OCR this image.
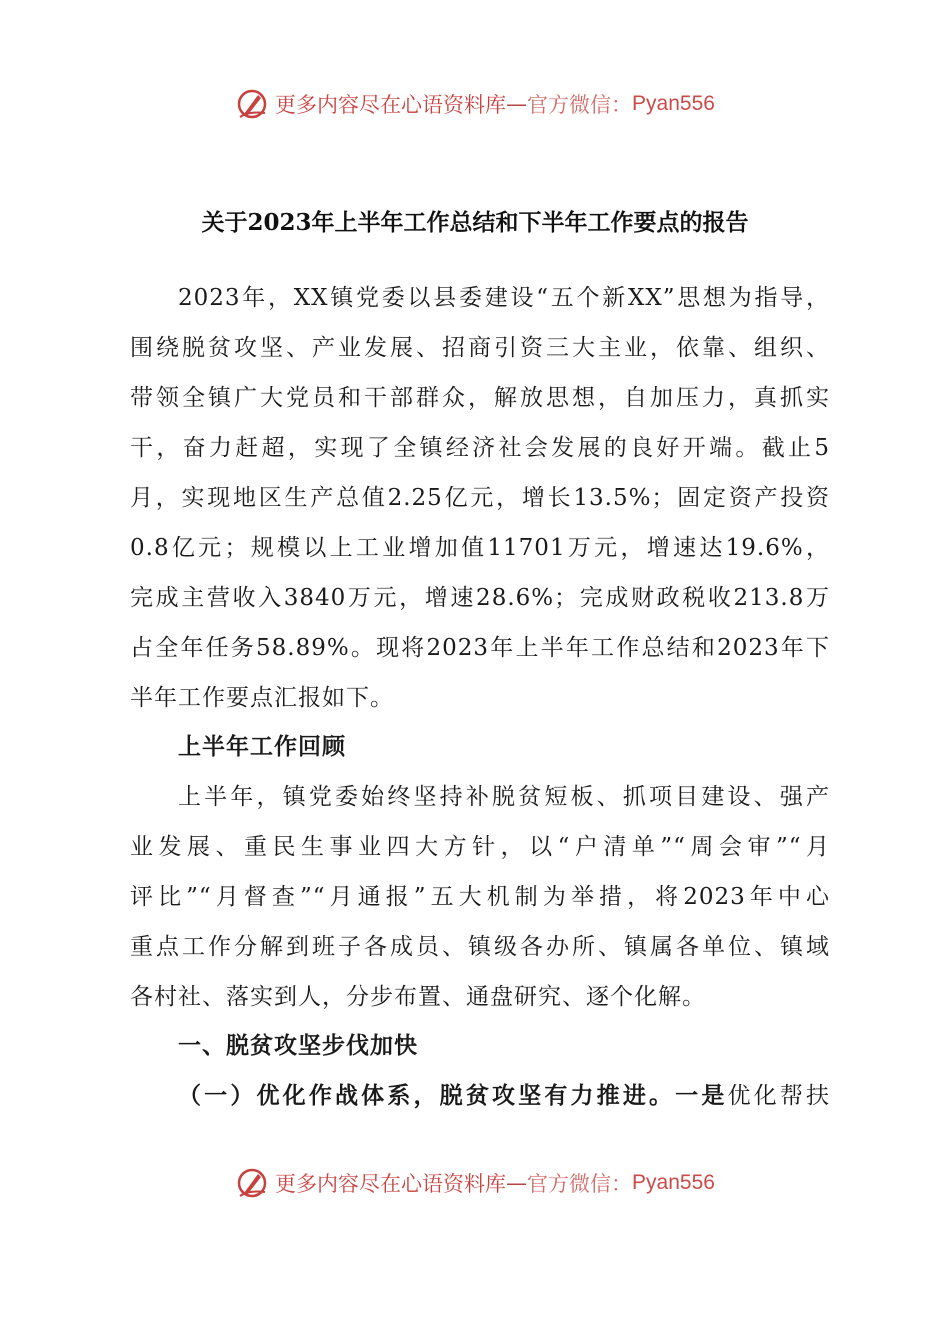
更多内容尽在心语资料库 — 官方微信： Pyan556
关于2023年上半年工作总结和下半年工作要点的报告
2023年，XX镇党委以县委建设“五个新XX”思想为指导，
围绕脱贫攻坚、产业发展、招商引资三大主业，依靠、组织、
带领全镇广大党员和干部群众，解放思想，自加压力，真抓实
干，奋力赶超，实现了全镇经济社会发展的良好开端。截止5
月，实现地区生产总值2.25亿元，增长13.5%；固定资产投资
0.8亿元；规模以上工业增加值11701万元，增速达19.6%，
完成主营收入3840万元，增速28.6%；完成财政税收213.8万
占全年任务58.89%。现将2023年上半年工作总结和2023年下
半年工作要点汇报如下。
上半年工作回顾
上半年，镇党委始终坚持补脱贫短板、抓项目建设、强产
业发展、重民生事业四大方针，以“户清单”“周会审”“月
评比”“月督查”“月通报”五大机制为举措，将2023年中心
重点工作分解到班子各成员、镇级各办所、镇属各单位、镇域
各村社、落实到人，分步布置、通盘研究、逐个化解。
一、脱贫攻坚步伐加快
（一）优化作战体系，脱贫攻坚有力推进。一是优化帮扶
更多内容尽在心语资料库 — 官方微信： Pyan556
